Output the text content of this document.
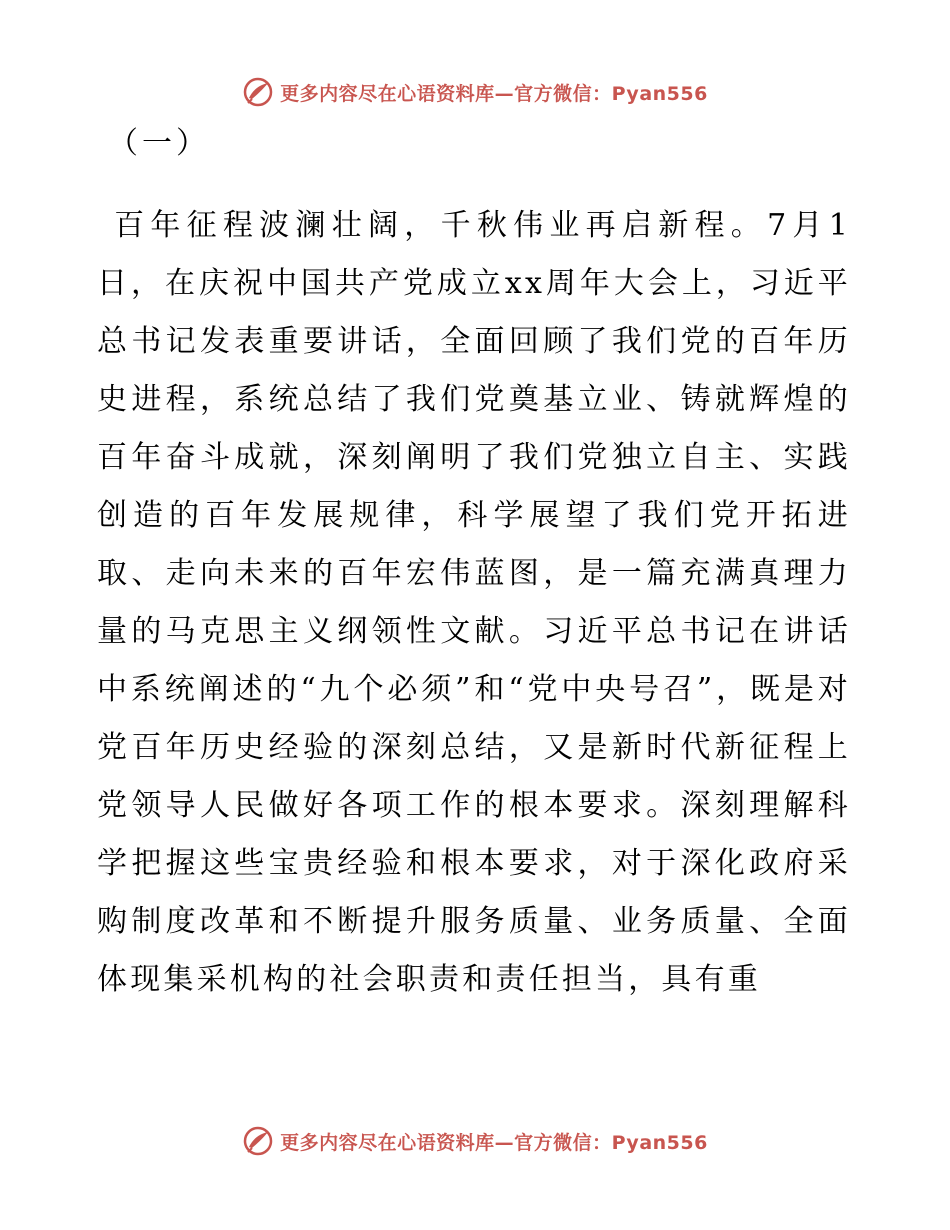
更多内容尽在心语资料库—官方微信：Pyan556
（一）

百年征程波澜壮阔，千秋伟业再启新程。7月1日，在庆祝中国共产党成立xx周年大会上，习近平总书记发表重要讲话，全面回顾了我们党的百年历史进程，系统总结了我们党奠基立业、铸就辉煌的百年奋斗成就，深刻阐明了我们党独立自主、实践创造的百年发展规律，科学展望了我们党开拓进取、走向未来的百年宏伟蓝图，是一篇充满真理力量的马克思主义纲领性文献。习近平总书记在讲话中系统阐述的“九个必须”和“党中央号召”，既是对党百年历史经验的深刻总结，又是新时代新征程上党领导人民做好各项工作的根本要求。深刻理解科学把握这些宝贵经验和根本要求，对于深化政府采购制度改革和不断提升服务质量、业务质量、全面体现集采机构的社会职责和责任担当，具有重

更多内容尽在心语资料库—官方微信：Pyan556
